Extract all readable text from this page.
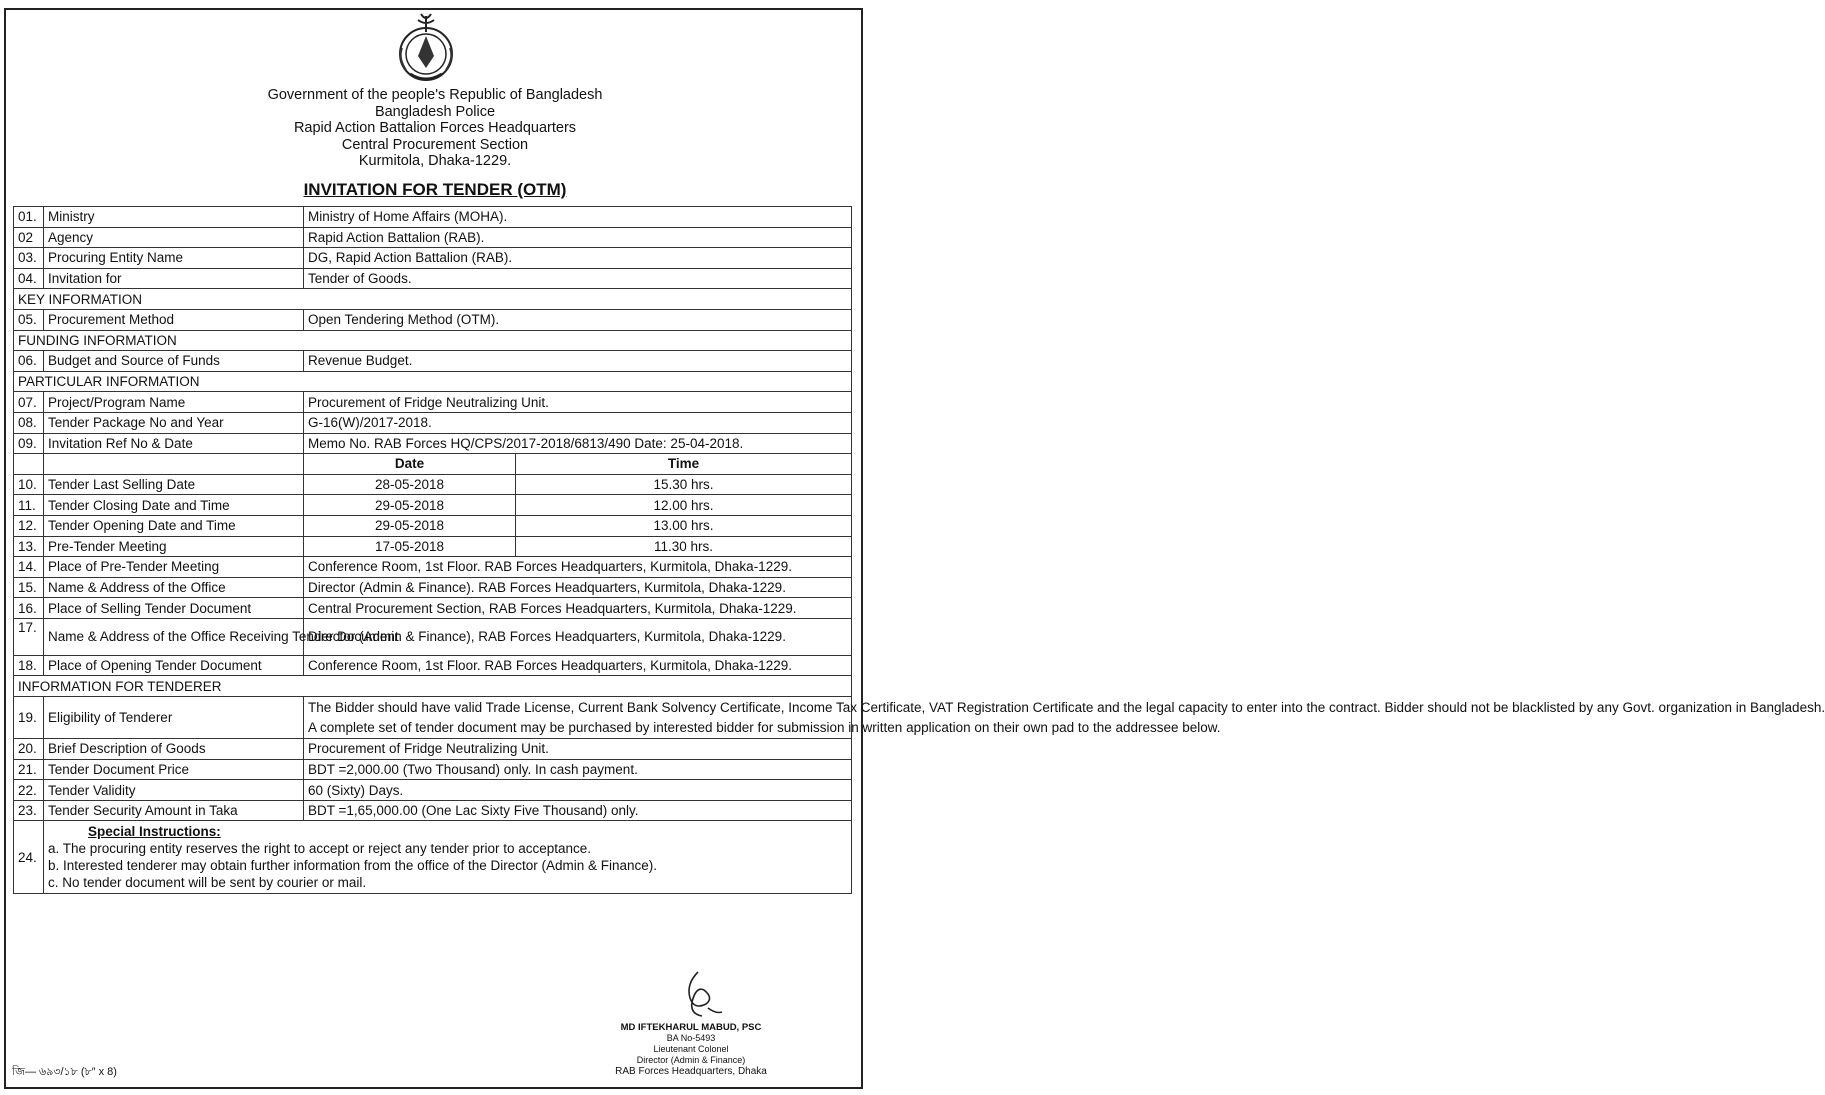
Government of the people's Republic of Bangladesh
Bangladesh Police
Rapid Action Battalion Forces Headquarters
Central Procurement Section
Kurmitola, Dhaka-1229.
INVITATION FOR TENDER (OTM)
01.	Ministry	Ministry of Home Affairs (MOHA).	
02	Agency	Rapid Action Battalion (RAB).	
03.	Procuring Entity Name	DG, Rapid Action Battalion (RAB).	
04.	Invitation for	Tender of Goods.	
KEY INFORMATION			
05.	Procurement Method	Open Tendering Method (OTM).	
FUNDING INFORMATION			
06.	Budget and Source of Funds	Revenue Budget.	
PARTICULAR INFORMATION			
07.	Project/Program Name	Procurement of Fridge Neutralizing Unit.	
08.	Tender Package No and Year	G-16(W)/2017-2018.	
09.	Invitation Ref No & Date	Memo No. RAB Forces HQ/CPS/2017-2018/6813/490 Date: 25-04-2018.	
		Date	Time
10.	Tender Last Selling Date	28-05-2018	15.30 hrs.
11.	Tender Closing Date and Time	29-05-2018	12.00 hrs.
12.	Tender Opening Date and Time	29-05-2018	13.00 hrs.
13.	Pre-Tender Meeting	17-05-2018	11.30 hrs.
14.	Place of Pre-Tender Meeting	Conference Room, 1st Floor. RAB Forces Headquarters, Kurmitola, Dhaka-1229.	
15.	Name & Address of the Office	Director (Admin & Finance). RAB Forces Headquarters, Kurmitola, Dhaka-1229.	
16.	Place of Selling Tender Document	Central Procurement Section, RAB Forces Headquarters, Kurmitola, Dhaka-1229.	
17.	Name & Address of the Office Receiving Tender Document	Director (Admin & Finance), RAB Forces Headquarters, Kurmitola, Dhaka-1229.	
18.	Place of Opening Tender Document	Conference Room, 1st Floor. RAB Forces Headquarters, Kurmitola, Dhaka-1229.	
INFORMATION FOR TENDERER			
19.	Eligibility of Tenderer	The Bidder should have valid Trade License, Current Bank Solvency Certificate, Income Tax Certificate, VAT Registration Certificate and the legal capacity to enter into the contract. Bidder should not be blacklisted by any Govt. organization in Bangladesh.
A complete set of tender document may be purchased by interested bidder for submission in written application on their own pad to the addressee below.	

20.	Brief Description of Goods	Procurement of Fridge Neutralizing Unit.	
21.	Tender Document Price	BDT =2,000.00 (Two Thousand) only. In cash payment.	
22.	Tender Validity	60 (Sixty) Days.	
23.	Tender Security Amount in Taka	BDT =1,65,000.00 (One Lac Sixty Five Thousand) only.	
24.	Special Instructions:
a. The procuring entity reserves the right to accept or reject any tender prior to acceptance.
b. Interested tenderer may obtain further information from the office of the Director (Admin & Finance).
c. No tender document will be sent by courier or mail.		
MD IFTEKHARUL MABUD, PSC
BA No-5493
Lieutenant Colonel
Director (Admin & Finance)
RAB Forces Headquarters, Dhaka
জি— ৬৯৩/১৮ (৮″ x 8)
